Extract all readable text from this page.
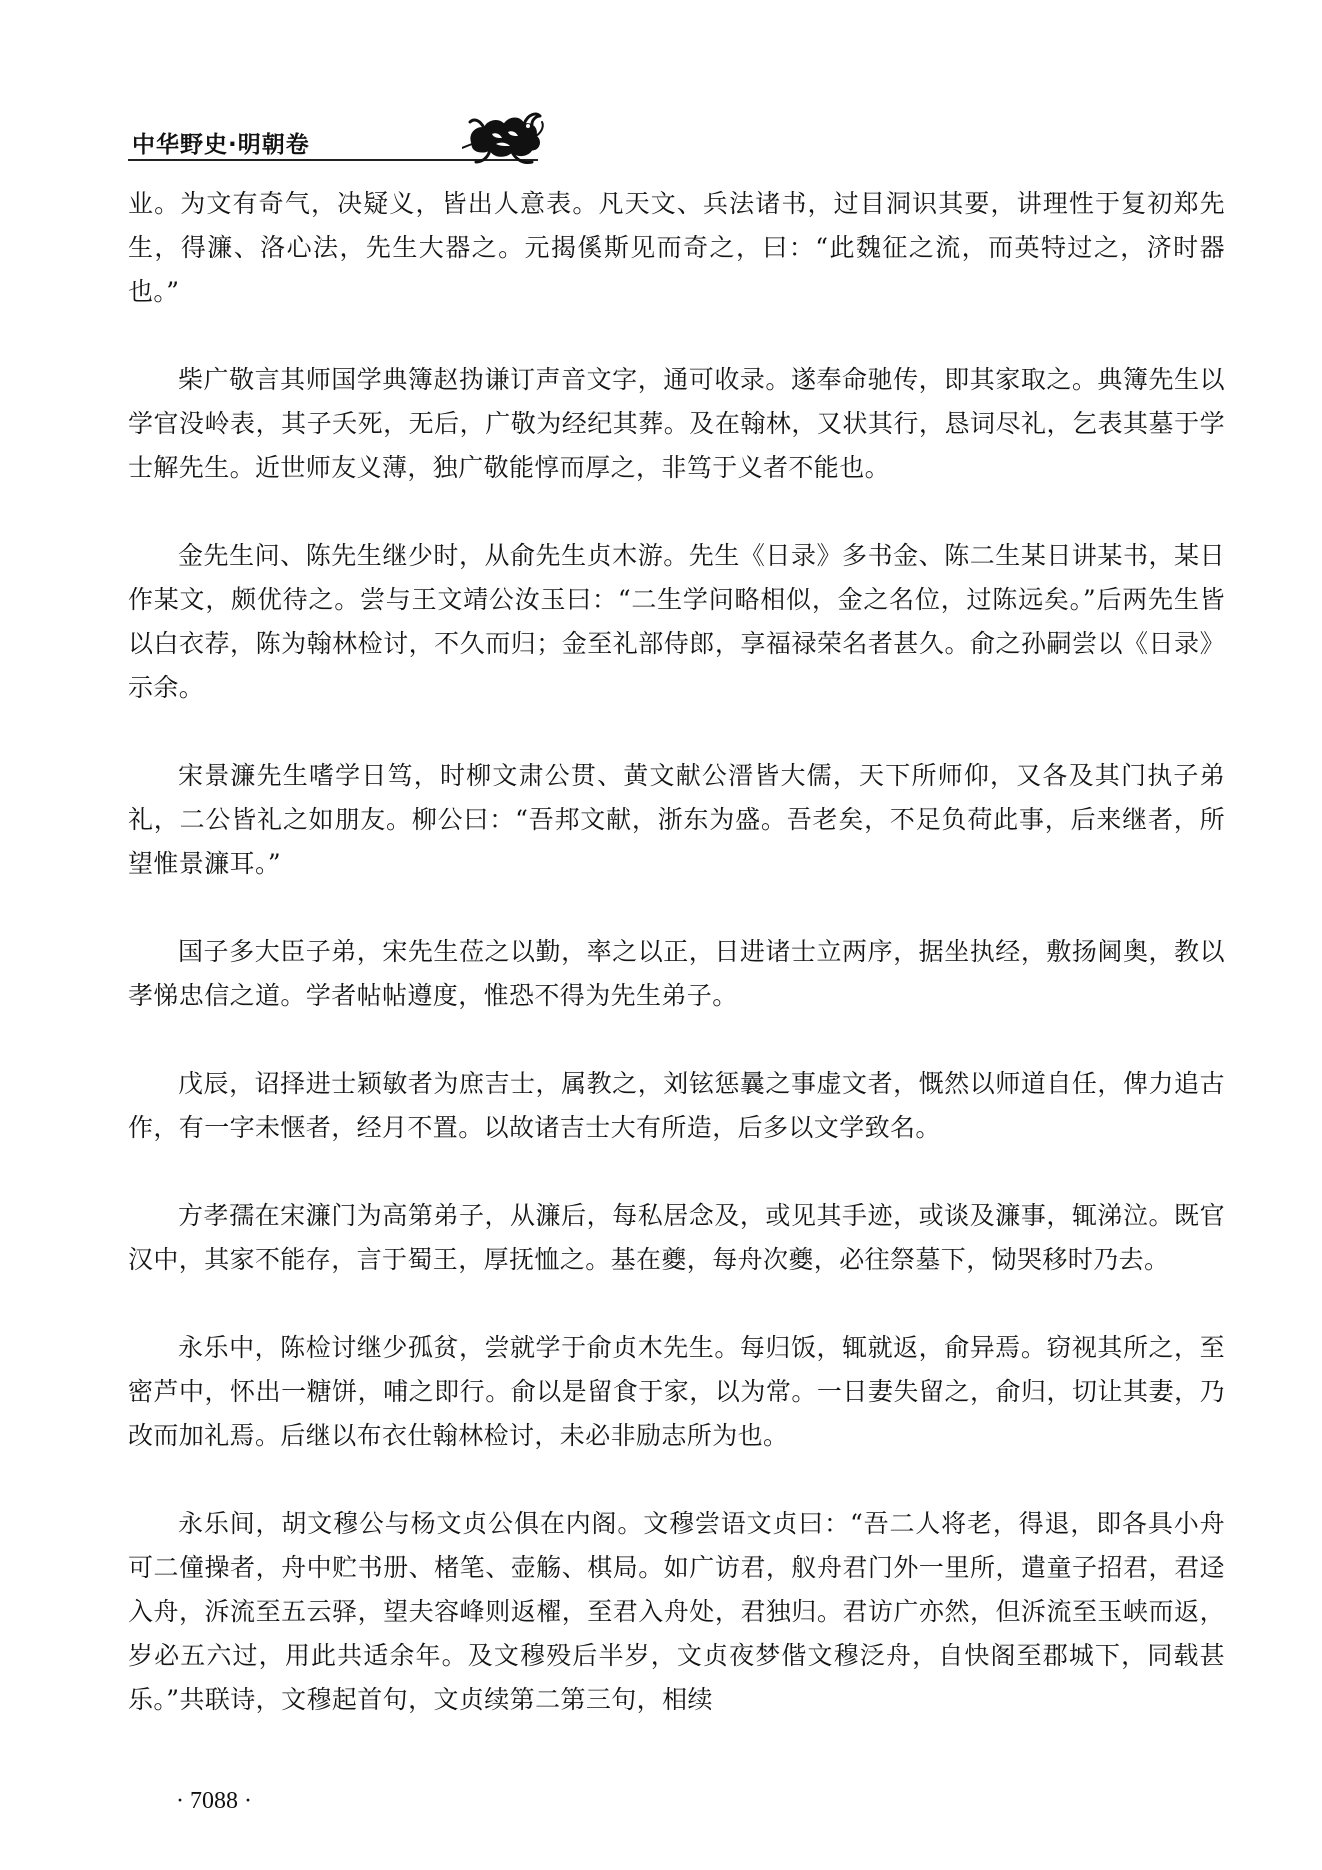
中华野史·明朝卷

业。为文有奇气，决疑义，皆出人意表。凡天文、兵法诸书，过目洞识其要，讲理性于复初郑先生，得濂、洛心法，先生大器之。元揭傒斯见而奇之，曰：“此魏征之流，而英特过之，济时器也。”

柴广敬言其师国学典簿赵㧑谦订声音文字，通可收录。遂奉命驰传，即其家取之。典簿先生以学官没岭表，其子夭死，无后，广敬为经纪其葬。及在翰林，又状其行，恳词尽礼，乞表其墓于学士解先生。近世师友义薄，独广敬能惇而厚之，非笃于义者不能也。

金先生问、陈先生继少时，从俞先生贞木游。先生《日录》多书金、陈二生某日讲某书，某日作某文，颇优待之。尝与王文靖公汝玉曰：“二生学问略相似，金之名位，过陈远矣。”后两先生皆以白衣荐，陈为翰林检讨，不久而归；金至礼部侍郎，享福禄荣名者甚久。俞之孙嗣尝以《日录》示余。

宋景濂先生嗜学日笃，时柳文肃公贯、黄文献公溍皆大儒，天下所师仰，又各及其门执子弟礼，二公皆礼之如朋友。柳公曰：“吾邦文献，浙东为盛。吾老矣，不足负荷此事，后来继者，所望惟景濂耳。”

国子多大臣子弟，宋先生莅之以勤，率之以正，日进诸士立两序，据坐执经，敷扬阃奥，教以孝悌忠信之道。学者帖帖遵度，惟恐不得为先生弟子。

戊辰，诏择进士颖敏者为庶吉士，属教之，刘铉惩曩之事虚文者，慨然以师道自任，俾力追古作，有一字未惬者，经月不置。以故诸吉士大有所造，后多以文学致名。

方孝孺在宋濂门为高第弟子，从濂后，每私居念及，或见其手迹，或谈及濂事，辄涕泣。既官汉中，其家不能存，言于蜀王，厚抚恤之。基在夔，每舟次夔，必往祭墓下，恸哭移时乃去。

永乐中，陈检讨继少孤贫，尝就学于俞贞木先生。每归饭，辄就返，俞异焉。窃视其所之，至密芦中，怀出一糖饼，哺之即行。俞以是留食于家，以为常。一日妻失留之，俞归，切让其妻，乃改而加礼焉。后继以布衣仕翰林检讨，未必非励志所为也。

永乐间，胡文穆公与杨文贞公俱在内阁。文穆尝语文贞曰：“吾二人将老，得退，即各具小舟可二僮操者，舟中贮书册、楮笔、壶觞、棋局。如广访君，舣舟君门外一里所，遣童子招君，君迳入舟，泝流至五云驿，望夫容峰则返櫂，至君入舟处，君独归。君访广亦然，但泝流至玉峡而返，岁必五六过，用此共适余年。及文穆殁后半岁，文贞夜梦偕文穆泛舟，自快阁至郡城下，同载甚乐。”共联诗，文穆起首句，文贞续第二第三句，相续

· 7088 ·
